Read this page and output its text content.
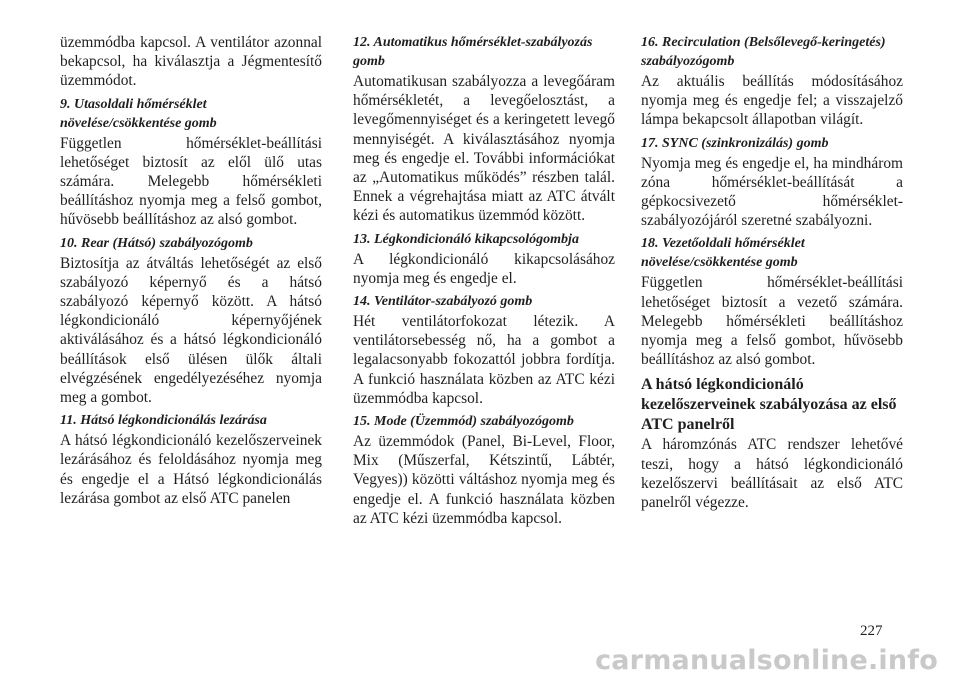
üzemmódba kapcsol. A ventilátor azonnal bekapcsol, ha kiválasztja a Jégmentesítő üzemmódot.

9. Utasoldali hőmérséklet növelése/csökkentése gomb

Független hőmérséklet-beállítási lehetőséget biztosít az elől ülő utas számára. Melegebb hőmérsékleti beállításhoz nyomja meg a felső gombot, hűvösebb beállításhoz az alsó gombot.

10. Rear (Hátsó) szabályozógomb

Biztosítja az átváltás lehetőségét az első szabályozó képernyő és a hátsó szabályozó képernyő között. A hátsó légkondicionáló képernyőjének aktiválásához és a hátsó légkondicionáló beállítások első ülésen ülők általi elvégzésének engedélyezéséhez nyomja meg a gombot.

11. Hátsó légkondicionálás lezárása

A hátsó légkondicionáló kezelőszerveinek lezárásához és feloldásához nyomja meg és engedje el a Hátsó légkondicionálás lezárása gombot az első ATC panelen

12. Automatikus hőmérséklet-szabályozás gomb

Automatikusan szabályozza a levegőáram hőmérsékletét, a levegőelosztást, a levegőmennyiséget és a keringetett levegő mennyiségét. A kiválasztásához nyomja meg és engedje el. További információkat az „Automatikus működés” részben talál. Ennek a végrehajtása miatt az ATC átvált kézi és automatikus üzemmód között.

13. Légkondicionáló kikapcsológombja

A légkondicionáló kikapcsolásához nyomja meg és engedje el.

14. Ventilátor-szabályozó gomb

Hét ventilátorfokozat létezik. A ventilátorsebesség nő, ha a gombot a legalacsonyabb fokozattól jobbra fordítja. A funkció használata közben az ATC kézi üzemmódba kapcsol.

15. Mode (Üzemmód) szabályozógomb

Az üzemmódok (Panel, Bi-Level, Floor, Mix (Műszerfal, Kétszintű, Lábtér, Vegyes)) közötti váltáshoz nyomja meg és engedje el. A funkció használata közben az ATC kézi üzemmódba kapcsol.

16. Recirculation (Belsőlevegő-keringetés) szabályozógomb

Az aktuális beállítás módosításához nyomja meg és engedje fel; a visszajelző lámpa bekapcsolt állapotban világít.

17. SYNC (szinkronizálás) gomb

Nyomja meg és engedje el, ha mindhárom zóna hőmérséklet-beállítását a gépkocsivezető hőmérséklet-szabályozójáról szeretné szabályozni.

18. Vezetőoldali hőmérséklet növelése/csökkentése gomb

Független hőmérséklet-beállítási lehetőséget biztosít a vezető számára. Melegebb hőmérsékleti beállításhoz nyomja meg a felső gombot, hűvösebb beállításhoz az alsó gombot.

A hátsó légkondicionáló kezelőszerveinek szabályozása az első ATC panelről

A háromzónás ATC rendszer lehetővé teszi, hogy a hátsó légkondicionáló kezelőszervi beállításait az első ATC panelről végezze.

227
carmanualsonline.info
